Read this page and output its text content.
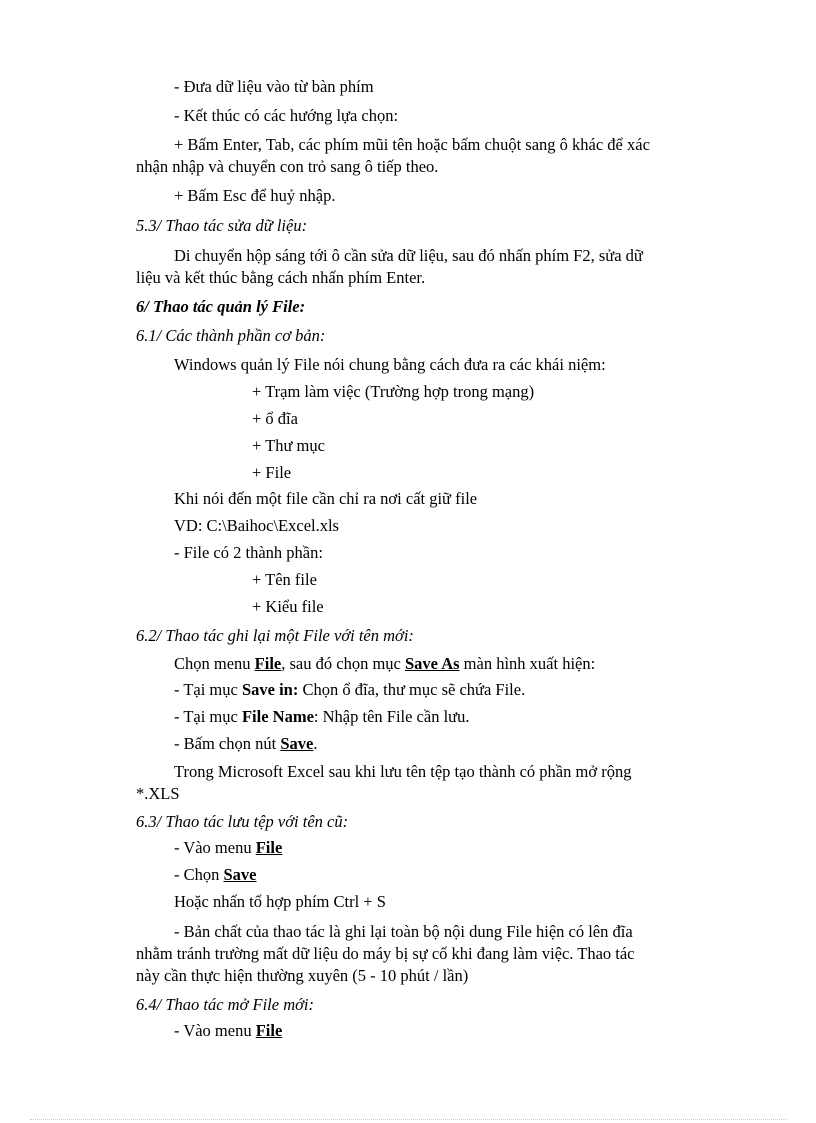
- Đưa dữ liệu vào từ bàn phím
- Kết thúc có các hướng lựa chọn:
+ Bấm Enter, Tab, các phím mũi tên hoặc bấm chuột sang ô khác để xác
nhận nhập và chuyển con trỏ sang ô tiếp theo.
+ Bấm Esc để huỷ nhập.
5.3/ Thao tác sửa dữ liệu:
Di chuyển hộp sáng tới ô cần sửa dữ liệu, sau đó nhấn phím F2, sửa dữ
liệu và kết thúc bằng cách nhấn phím Enter.
6/ Thao tác quản lý File:
6.1/ Các thành phần cơ bản:
Windows quản lý File nói chung bằng cách đưa ra các khái niệm:
+ Trạm làm việc (Trường hợp trong mạng)
+ ổ đĩa
+ Thư mục
+ File
Khi nói đến một file cần chỉ ra nơi cất giữ file
VD: C:\Baihoc\Excel.xls
- File có 2 thành phần:
+ Tên file
+ Kiểu file
6.2/ Thao tác ghi lại một File với tên mới:
Chọn menu File, sau đó chọn mục Save As màn hình xuất hiện:
- Tại mục Save in: Chọn ổ đĩa, thư mục sẽ chứa File.
- Tại mục File Name: Nhập tên File cần lưu.
- Bấm chọn nút Save.
Trong Microsoft Excel sau khi lưu tên tệp tạo thành có phần mở rộng
*.XLS
6.3/ Thao tác lưu tệp với tên cũ:
- Vào menu File
- Chọn Save
Hoặc nhấn tổ hợp phím Ctrl + S
- Bản chất của thao tác là ghi lại toàn bộ nội dung File hiện có lên đĩa
nhằm tránh trường mất dữ liệu do máy bị sự cố khi đang làm việc. Thao tác
này cần thực hiện thường xuyên (5 - 10 phút / lần)
6.4/ Thao tác mở File mới:
- Vào menu File
